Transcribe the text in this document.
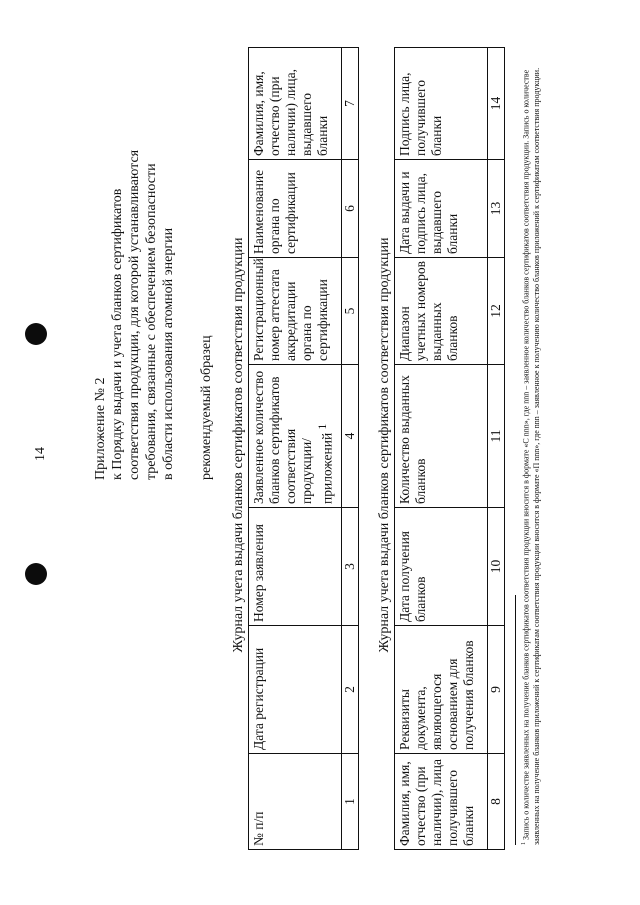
14	Приложение № 2 к Порядку выдачи и учета бланков сертификатов соответствия продукции, для которой устанавливаются требования, связанные с обеспечением безопасности в области использования атомной энергии рекомендуемый образец Журнал учета выдачи бланков сертификатов соответствия продукции
№ п/п	Дата регистрации	Номер заявления	Заявленное количество бланков сертификатов соответствия продукции/приложений $^1$	Регистрационный номер аттестата аккредитации органа по сертификации	Наименование органа по сертификации	Фамилия, имя, отчество (при наличии) лица, выдавшего бланки
1	2	3	4	5	6	7
Журнал учета выдачи бланков сертификатов соответствия продукции
Фамилия, имя, отчество (при наличии), лица получившего бланки	Реквизиты документа, являющегося основанием для получения бланков	Дата получения бланков	Количество выданных бланков	Диапазон учетных номеров выданных бланков	Дата выдачи и подпись лица, выдавшего бланки	Подпись лица, получившего бланки
8	9	10	11	12	13	14
$^1$ Запись о количестве заявленных на получение бланков сертификатов соответствия продукции вносится в формате «С nnn», где nnn – заявленное количество бланков сертификатов соответствия продукции. Запись о количестве заявленных на получение бланков приложений к сертификатам соответствия продукции вносится в формате «П nnn», где nnn – заявленное к получению количество бланков приложений к сертификатам соответствия продукции.
